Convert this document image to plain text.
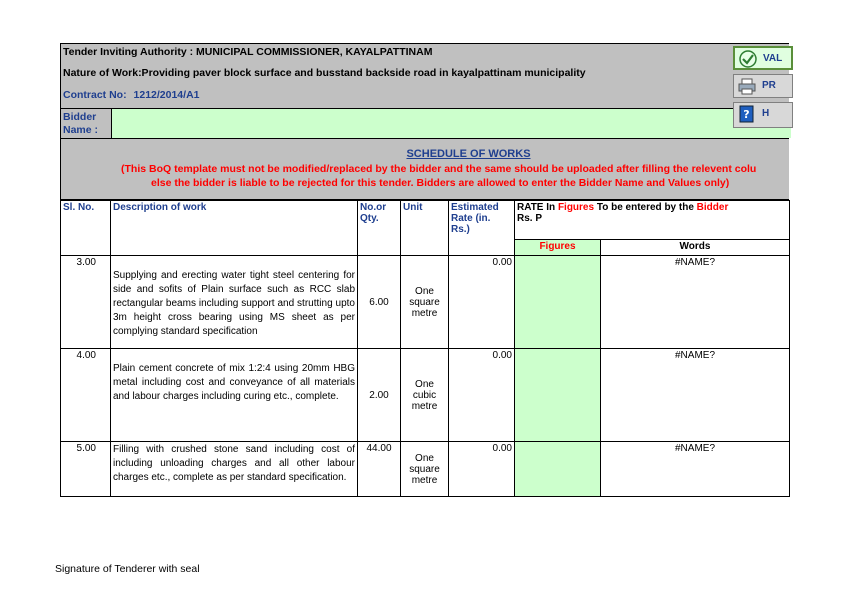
Tender Inviting Authority : MUNICIPAL COMMISSIONER, KAYALPATTINAM
Nature of Work:Providing paver block surface and busstand backside road in kayalpattinam municipality
Contract No: 1212/2014/A1
Bidder
Name :
SCHEDULE OF WORKS
(This BoQ template must not be modified/replaced by the bidder and the same should be uploaded after filling the relevent colu
else the bidder is liable to be rejected for this tender. Bidders are allowed to enter the Bidder Name and Values only)
Sl. No.	Description of work	No.or Qty.	Unit	Estimated Rate (in. Rs.)	RATE In Figures To be entered by the Bidder
Rs. P	
					Figures	Words
3.00	Supplying and erecting water tight steel centering for side and sofits of Plain surface such as RCC slab rectangular beams including support and strutting upto 3m height cross bearing using MS sheet as per complying standard specification	6.00	One square metre	0.00		#NAME?
4.00	Plain cement concrete of mix 1:2:4 using 20mm HBG metal including cost and conveyance of all materials and labour charges including curing etc., complete.	2.00	One cubic metre	0.00		#NAME?
5.00	Filling with crushed stone sand including cost of including unloading charges and all other labour charges etc., complete as per standard specification.	44.00	One square metre	0.00		#NAME?
VAL
PR
? H
Signature of Tenderer with seal
